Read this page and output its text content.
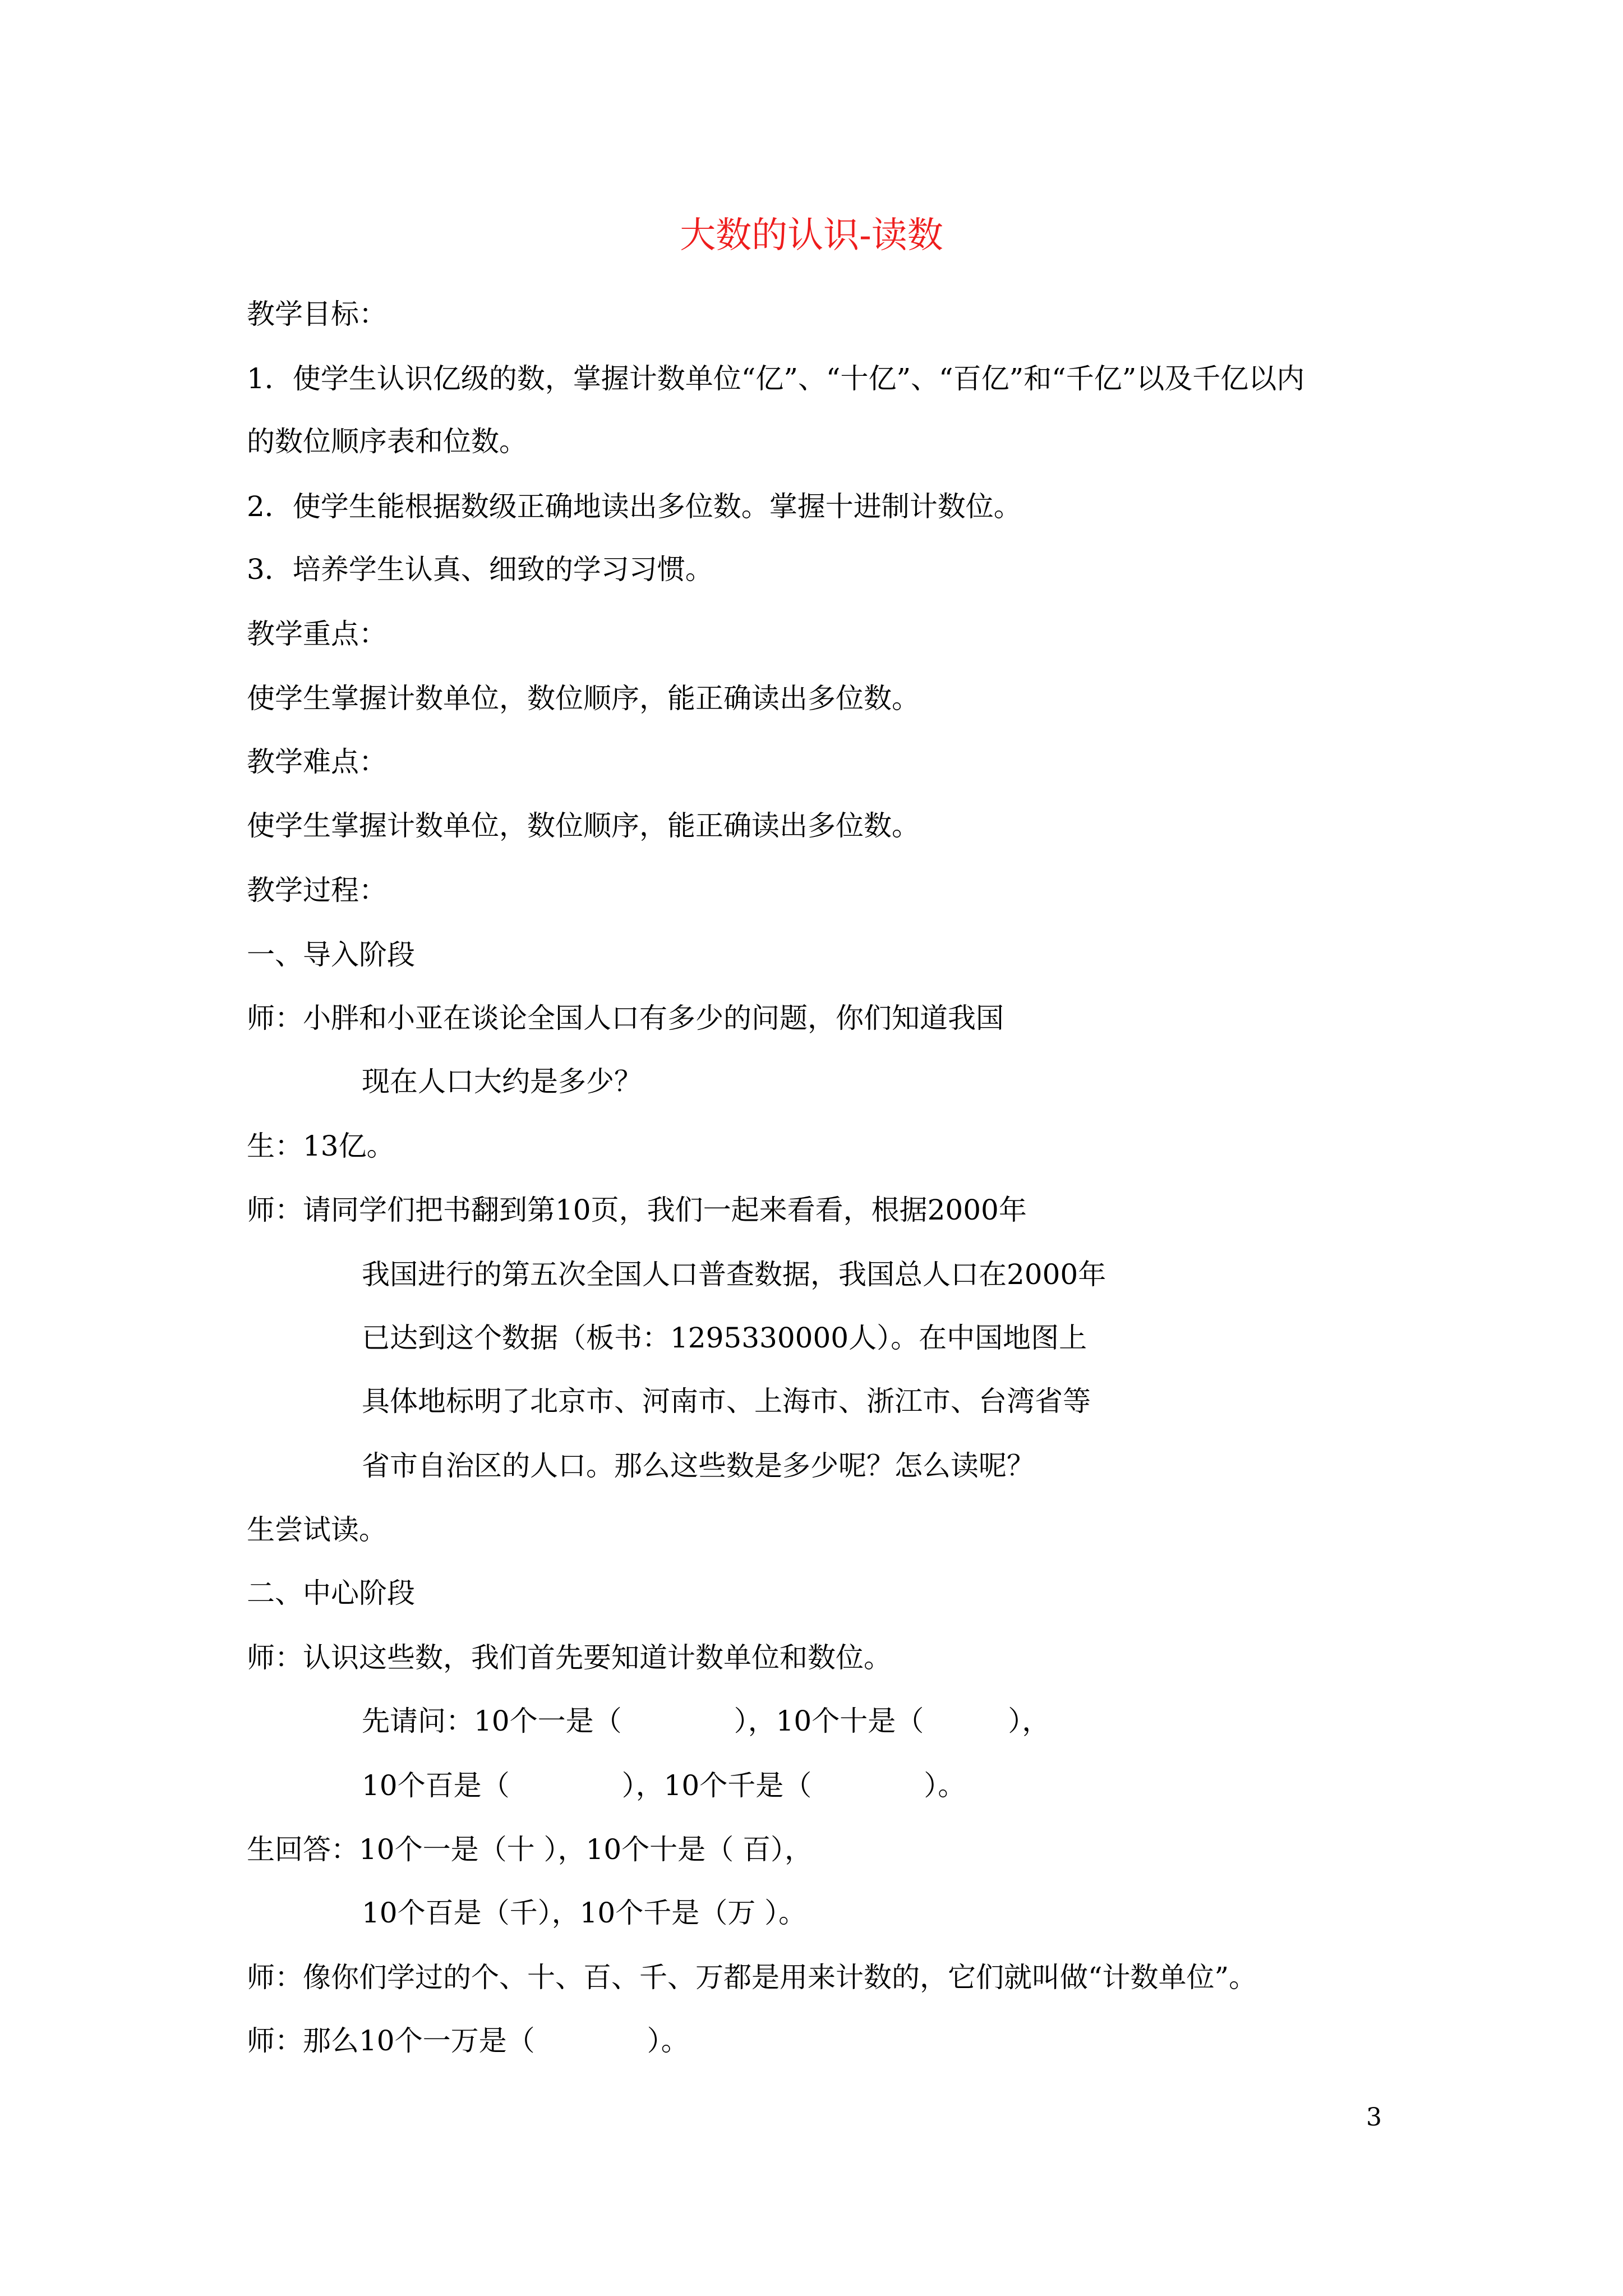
大数的认识-读数
教学目标：
1．使学生认识亿级的数，掌握计数单位“亿”、“十亿”、“百亿”和“千亿”以及千亿以内
的数位顺序表和位数。
2．使学生能根据数级正确地读出多位数。掌握十进制计数位。
3．培养学生认真、细致的学习习惯。
教学重点：
使学生掌握计数单位，数位顺序，能正确读出多位数。
教学难点：
使学生掌握计数单位，数位顺序，能正确读出多位数。
教学过程：
一、导入阶段
师：小胖和小亚在谈论全国人口有多少的问题，你们知道我国
现在人口大约是多少？
生：13亿。
师：请同学们把书翻到第10页，我们一起来看看，根据2000年
我国进行的第五次全国人口普查数据，我国总人口在2000年
已达到这个数据（板书：1295330000人）。在中国地图上
具体地标明了北京市、河南市、上海市、浙江市、台湾省等
省市自治区的人口。那么这些数是多少呢？怎么读呢？
生尝试读。
二、中心阶段
师：认识这些数，我们首先要知道计数单位和数位。
先请问：10个一是（　　　　），10个十是（　　　），
10个百是（　　　　），10个千是（　　　　）。
生回答：10个一是（十 ），10个十是（ 百），
10个百是（千），10个千是（万 ）。
师：像你们学过的个、十、百、千、万都是用来计数的，它们就叫做“计数单位”。
师：那么10个一万是（　　　　）。
3
